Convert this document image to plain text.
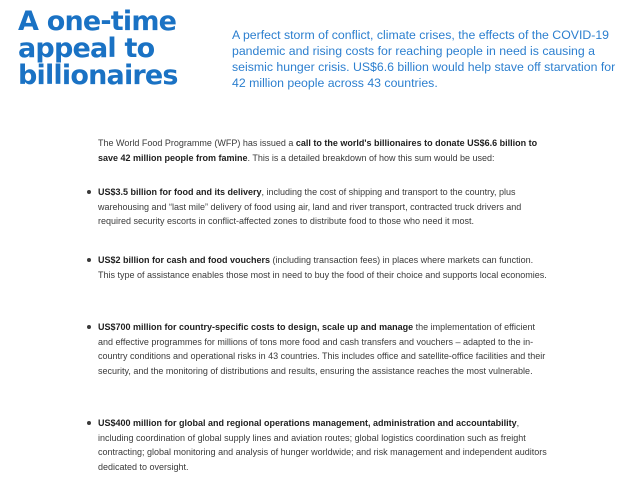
A one-time appeal to billionaires

A perfect storm of conflict, climate crises, the effects of the COVID-19 pandemic and rising costs for reaching people in need is causing a seismic hunger crisis. US$6.6 billion would help stave off starvation for 42 million people across 43 countries.

The World Food Programme (WFP) has issued a call to the world's billionaires to donate US$6.6 billion to save 42 million people from famine. This is a detailed breakdown of how this sum would be used:

US$3.5 billion for food and its delivery, including the cost of shipping and transport to the country, plus warehousing and “last mile” delivery of food using air, land and river transport, contracted truck drivers and required security escorts in conflict-affected zones to distribute food to those who need it most.

US$2 billion for cash and food vouchers (including transaction fees) in places where markets can function. This type of assistance enables those most in need to buy the food of their choice and supports local economies.

US$700 million for country-specific costs to design, scale up and manage the implementation of efficient and effective programmes for millions of tons more food and cash transfers and vouchers – adapted to the in-country conditions and operational risks in 43 countries. This includes office and satellite-office facilities and their security, and the monitoring of distributions and results, ensuring the assistance reaches the most vulnerable.

US$400 million for global and regional operations management, administration and accountability, including coordination of global supply lines and aviation routes; global logistics coordination such as freight contracting; global monitoring and analysis of hunger worldwide; and risk management and independent auditors dedicated to oversight.
